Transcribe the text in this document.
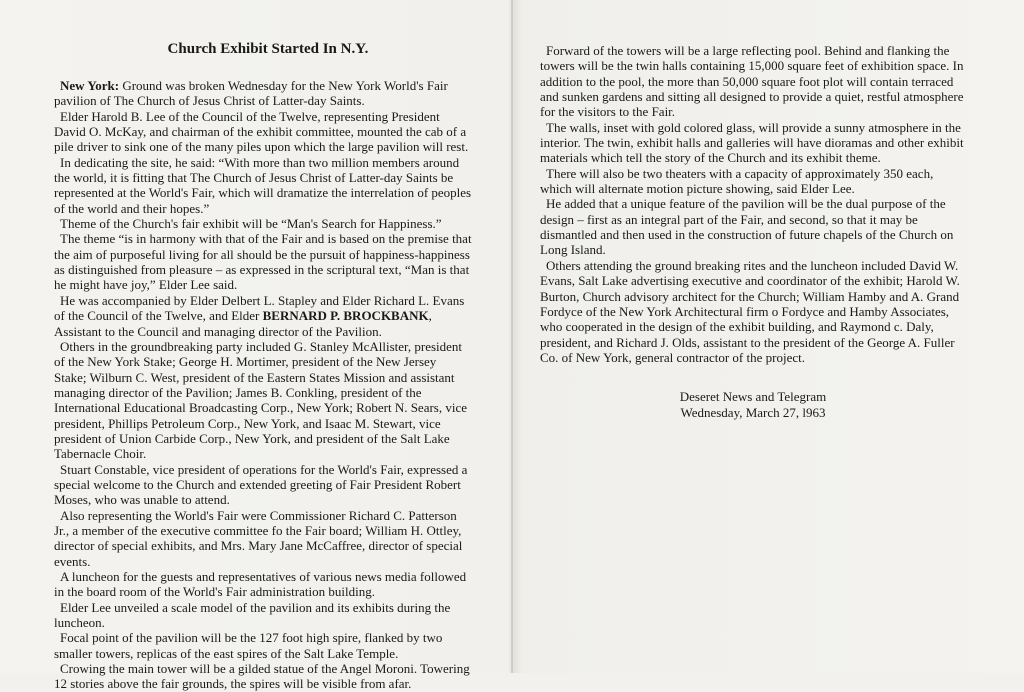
Church Exhibit Started In N.Y.

New York: Ground was broken Wednesday for the New York World's Fair pavilion of The Church of Jesus Christ of Latter-day Saints.

Elder Harold B. Lee of the Council of the Twelve, representing President David O. McKay, and chairman of the exhibit committee, mounted the cab of a pile driver to sink one of the many piles upon which the large pavilion will rest.

In dedicating the site, he said: “With more than two million members around the world, it is fitting that The Church of Jesus Christ of Latter-day Saints be represented at the World's Fair, which will dramatize the interrelation of peoples of the world and their hopes.”

Theme of the Church's fair exhibit will be “Man's Search for Happiness.”

The theme “is in harmony with that of the Fair and is based on the premise that the aim of purposeful living for all should be the pursuit of happiness-happiness as distinguished from pleasure – as expressed in the scriptural text, “Man is that he might have joy,” Elder Lee said.

He was accompanied by Elder Delbert L. Stapley and Elder Richard L. Evans of the Council of the Twelve, and Elder BERNARD P. BROCKBANK, Assistant to the Council and managing director of the Pavilion.

Others in the groundbreaking party included G. Stanley McAllister, president of the New York Stake; George H. Mortimer, president of the New Jersey Stake; Wilburn C. West, president of the Eastern States Mission and assistant managing director of the Pavilion; James B. Conkling, president of the International Educational Broadcasting Corp., New York; Robert N. Sears, vice president, Phillips Petroleum Corp., New York, and Isaac M. Stewart, vice president of Union Carbide Corp., New York, and president of the Salt Lake Tabernacle Choir.

Stuart Constable, vice president of operations for the World's Fair, expressed a special welcome to the Church and extended greeting of Fair President Robert Moses, who was unable to attend.

Also representing the World's Fair were Commissioner Richard C. Patterson Jr., a member of the executive committee fo the Fair board; William H. Ottley, director of special exhibits, and Mrs. Mary Jane McCaffree, director of special events.

A luncheon for the guests and representatives of various news media followed in the board room of the World's Fair administration building.

Elder Lee unveiled a scale model of the pavilion and its exhibits during the luncheon.

Focal point of the pavilion will be the 127 foot high spire, flanked by two smaller towers, replicas of the east spires of the Salt Lake Temple.

Crowing the main tower will be a gilded statue of the Angel Moroni. Towering 12 stories above the fair grounds, the spires will be visible from afar.

Forward of the towers will be a large reflecting pool. Behind and flanking the towers will be the twin halls containing 15,000 square feet of exhibition space. In addition to the pool, the more than 50,000 square foot plot will contain terraced and sunken gardens and sitting all designed to provide a quiet, restful atmosphere for the visitors to the Fair.

The walls, inset with gold colored glass, will provide a sunny atmosphere in the interior. The twin, exhibit halls and galleries will have dioramas and other exhibit materials which tell the story of the Church and its exhibit theme.

There will also be two theaters with a capacity of approximately 350 each, which will alternate motion picture showing, said Elder Lee.

He added that a unique feature of the pavilion will be the dual purpose of the design – first as an integral part of the Fair, and second, so that it may be dismantled and then used in the construction of future chapels of the Church on Long Island.

Others attending the ground breaking rites and the luncheon included David W. Evans, Salt Lake advertising executive and coordinator of the exhibit; Harold W. Burton, Church advisory architect for the Church; William Hamby and A. Grand Fordyce of the New York Architectural firm o Fordyce and Hamby Associates, who cooperated in the design of the exhibit building, and Raymond c. Daly, president, and Richard J. Olds, assistant to the president of the George A. Fuller Co. of New York, general contractor of the project.

Deseret News and Telegram
Wednesday, March 27, l963
